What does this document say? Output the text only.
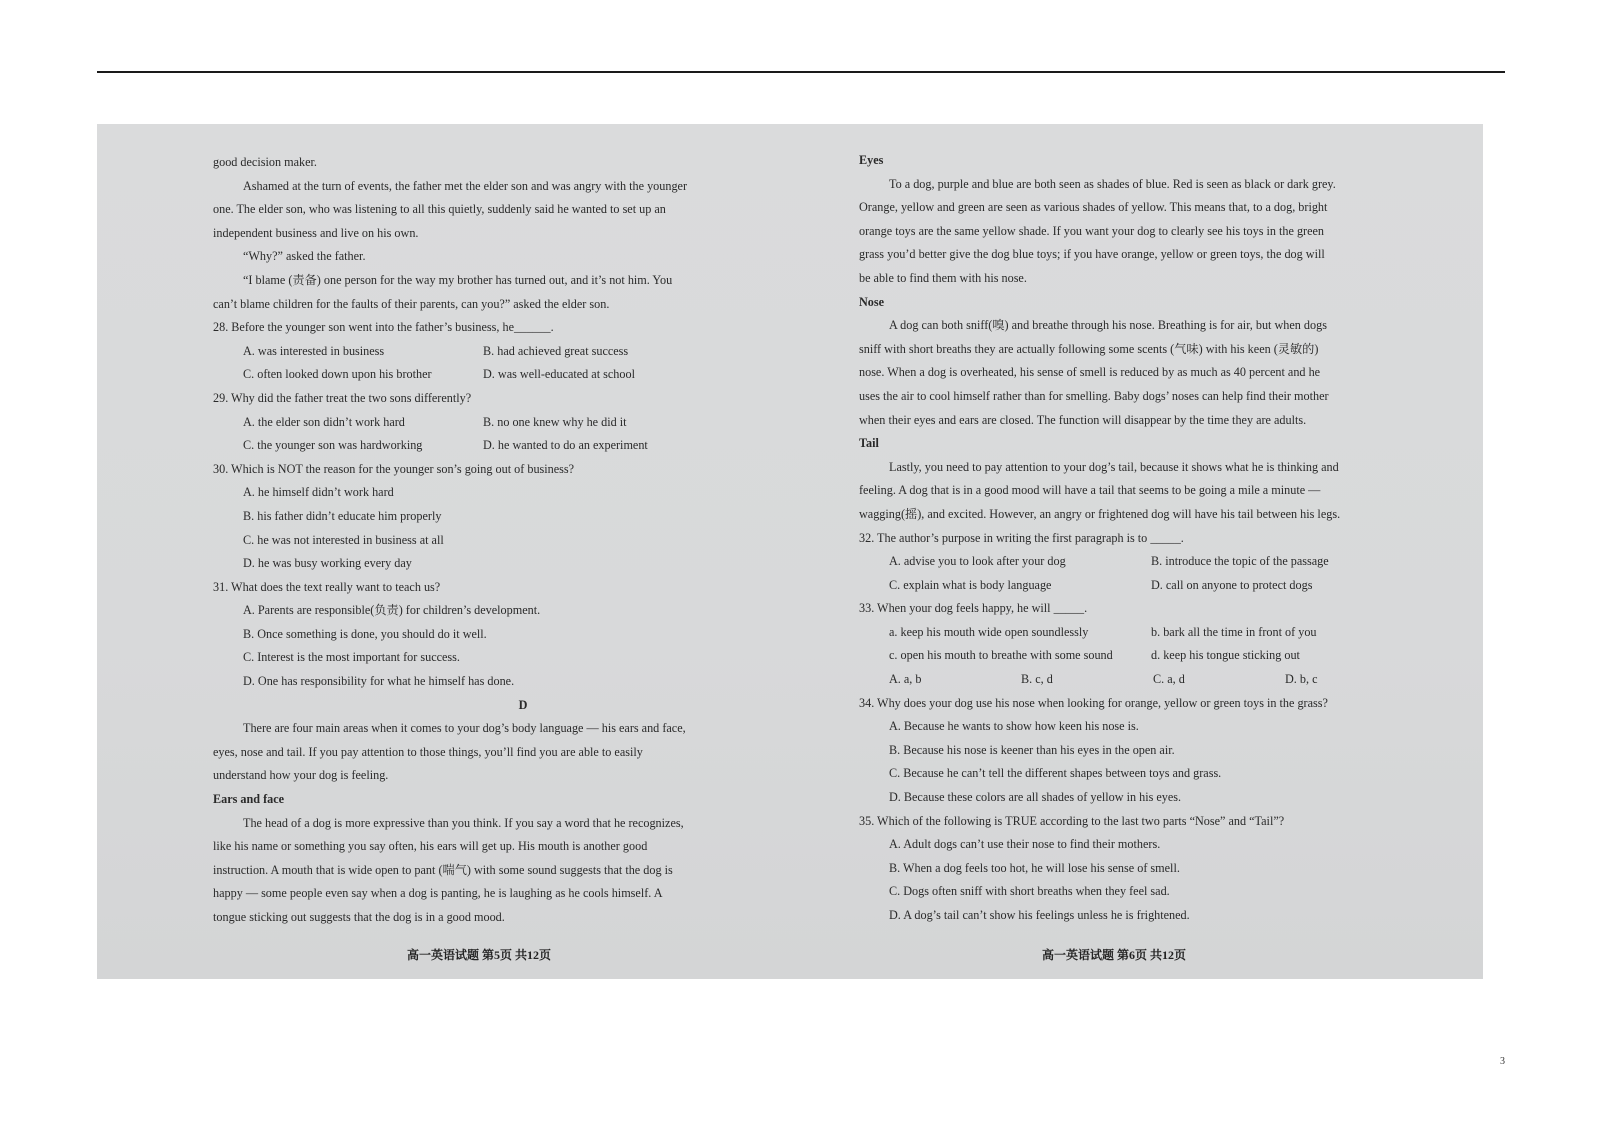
good decision maker.

Ashamed at the turn of events, the father met the elder son and was angry with the younger

one. The elder son, who was listening to all this quietly, suddenly said he wanted to set up an

independent business and live on his own.

“Why?” asked the father.

“I blame (责备) one person for the way my brother has turned out, and it’s not him. You

can’t blame children for the faults of their parents, can you?” asked the elder son.

28. Before the younger son went into the father’s business, he______.

A. was interested in business	B. had achieved great success
C. often looked down upon his brother	D. was well-educated at school

29. Why did the father treat the two sons differently?

A. the elder son didn’t work hard	B. no one knew why he did it
C. the younger son was hardworking	D. he wanted to do an experiment

30. Which is NOT the reason for the younger son’s going out of business?

A. he himself didn’t work hard

B. his father didn’t educate him properly

C. he was not interested in business at all

D. he was busy working every day

31. What does the text really want to teach us?

A. Parents are responsible(负责) for children’s development.

B. Once something is done, you should do it well.

C. Interest is the most important for success.

D. One has responsibility for what he himself has done.

D

There are four main areas when it comes to your dog’s body language — his ears and face,

eyes, nose and tail. If you pay attention to those things, you’ll find you are able to easily

understand how your dog is feeling.

Ears and face

The head of a dog is more expressive than you think. If you say a word that he recognizes,

like his name or something you say often, his ears will get up. His mouth is another good

instruction. A mouth that is wide open to pant (喘气) with some sound suggests that the dog is

happy — some people even say when a dog is panting, he is laughing as he cools himself. A

tongue sticking out suggests that the dog is in a good mood.

Eyes

To a dog, purple and blue are both seen as shades of blue. Red is seen as black or dark grey.

Orange, yellow and green are seen as various shades of yellow. This means that, to a dog, bright

orange toys are the same yellow shade. If you want your dog to clearly see his toys in the green

grass you’d better give the dog blue toys; if you have orange, yellow or green toys, the dog will

be able to find them with his nose.

Nose

A dog can both sniff(嗅) and breathe through his nose. Breathing is for air, but when dogs

sniff with short breaths they are actually following some scents (气味) with his keen (灵敏的)

nose. When a dog is overheated, his sense of smell is reduced by as much as 40 percent and he

uses the air to cool himself rather than for smelling. Baby dogs’ noses can help find their mother

when their eyes and ears are closed. The function will disappear by the time they are adults.

Tail

Lastly, you need to pay attention to your dog’s tail, because it shows what he is thinking and

feeling. A dog that is in a good mood will have a tail that seems to be going a mile a minute —

wagging(摇), and excited. However, an angry or frightened dog will have his tail between his legs.

32. The author’s purpose in writing the first paragraph is to _____.

A. advise you to look after your dog	B. introduce the topic of the passage
C. explain what is body language	D. call on anyone to protect dogs

33. When your dog feels happy, he will _____.

a. keep his mouth wide open soundlessly	b. bark all the time in front of you
c. open his mouth to breathe with some sound	d. keep his tongue sticking out
A. a, b	B. c, d	C. a, d	D. b, c

34. Why does your dog use his nose when looking for orange, yellow or green toys in the grass?

A. Because he wants to show how keen his nose is.

B. Because his nose is keener than his eyes in the open air.

C. Because he can’t tell the different shapes between toys and grass.

D. Because these colors are all shades of yellow in his eyes.

35. Which of the following is TRUE according to the last two parts “Nose” and “Tail”?

A. Adult dogs can’t use their nose to find their mothers.

B. When a dog feels too hot, he will lose his sense of smell.

C. Dogs often sniff with short breaths when they feel sad.

D. A dog’s tail can’t show his feelings unless he is frightened.

高一英语试题 第5页 共12页	高一英语试题 第6页 共12页
3
